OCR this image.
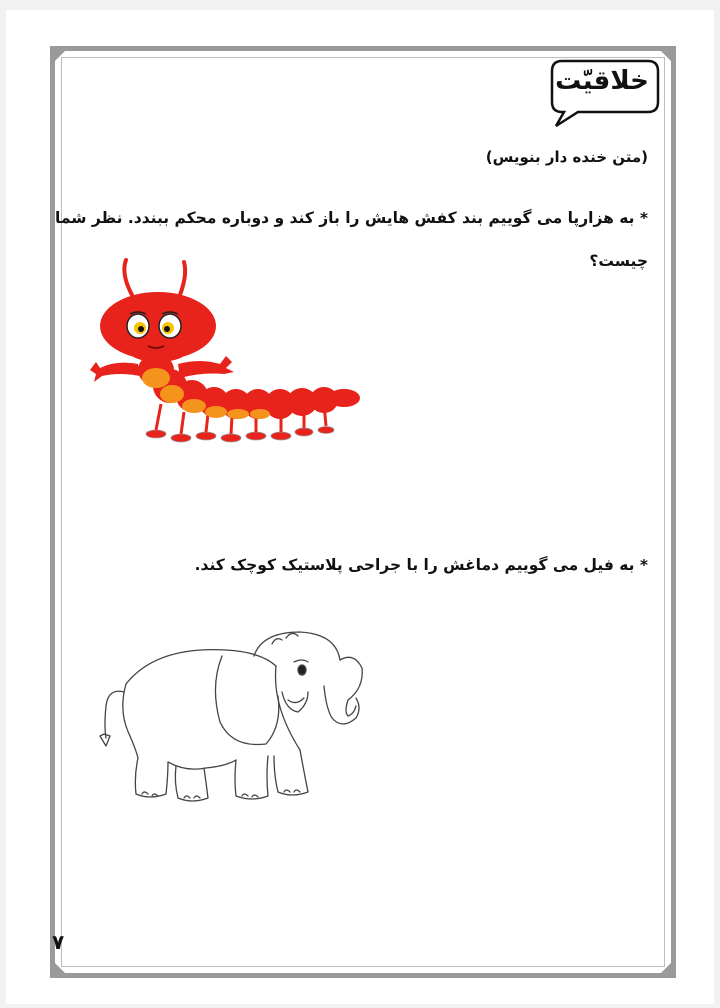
خلاقیّت
(متن خنده دار بنویس)
* به هزارپا می گوییم بند کفش هایش را باز کند و دوباره محکم ببندد. نظر شما
چیست؟
* به فیل می گوییم دماغش را با جراحی پلاستیک کوچک کند.
۷
